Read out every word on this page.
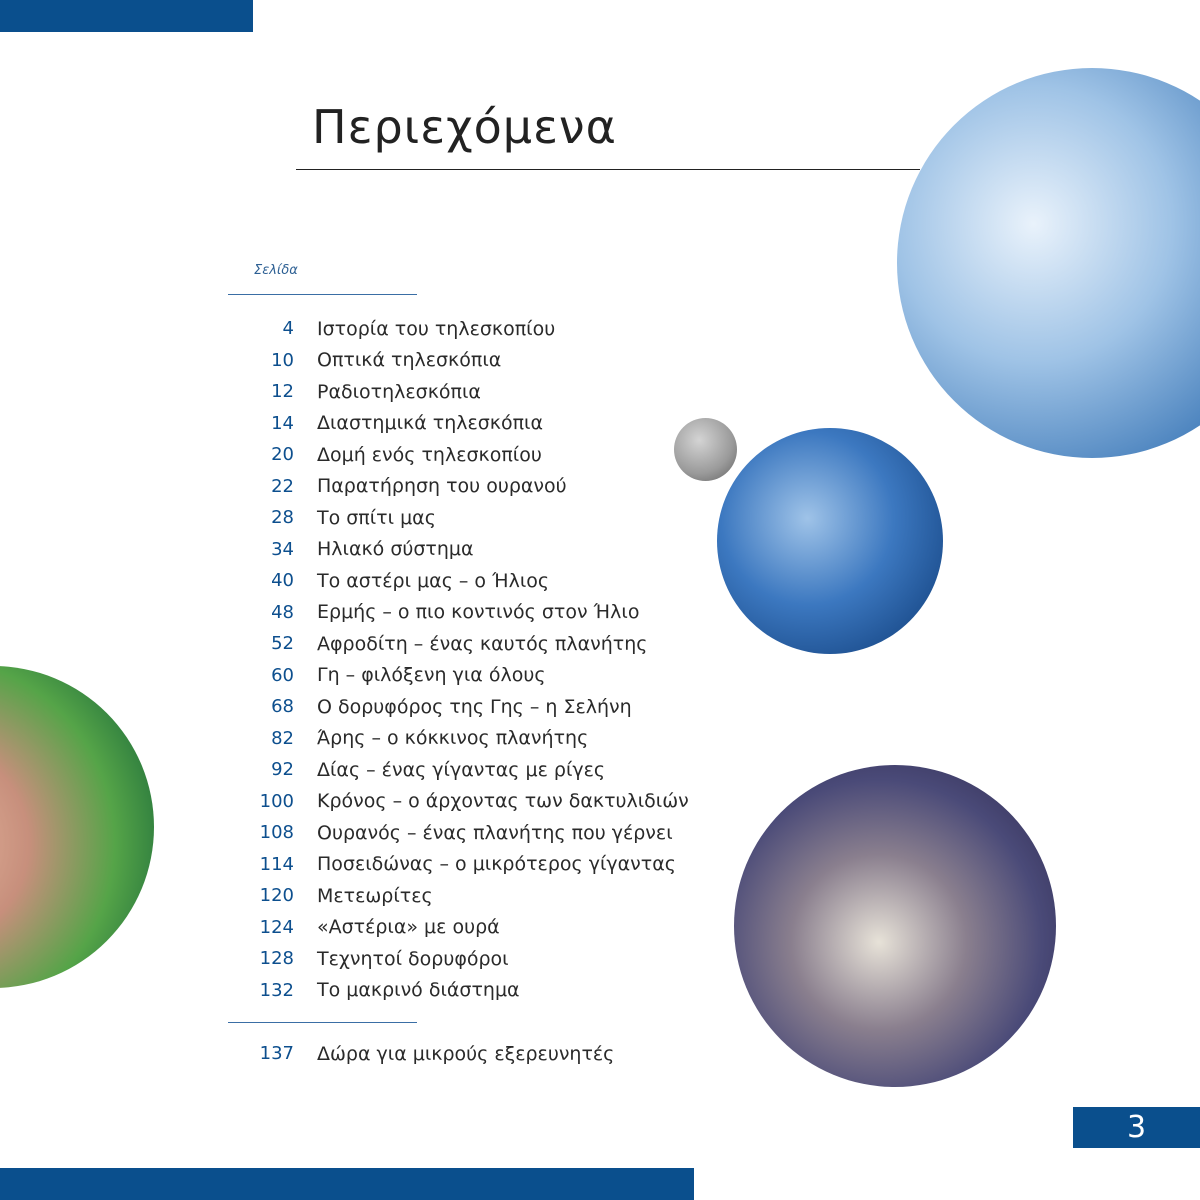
Περιεχόμενα
Σελίδα
4	Ιστορία του τηλεσκοπίου
10	Οπτικά τηλεσκόπια
12	Ραδιοτηλεσκόπια
14	Διαστημικά τηλεσκόπια
20	Δομή ενός τηλεσκοπίου
22	Παρατήρηση του ουρανού
28	Το σπίτι μας
34	Ηλιακό σύστημα
40	Το αστέρι μας – ο Ήλιος
48	Ερμής – ο πιο κοντινός στον Ήλιο
52	Αφροδίτη – ένας καυτός πλανήτης
60	Γη – φιλόξενη για όλους
68	Ο δορυφόρος της Γης – η Σελήνη
82	Άρης – ο κόκκινος πλανήτης
92	Δίας – ένας γίγαντας με ρίγες
100	Κρόνος – ο άρχοντας των δακτυλιδιών
108	Ουρανός – ένας πλανήτης που γέρνει
114	Ποσειδώνας – ο μικρότερος γίγαντας
120	Μετεωρίτες
124	«Αστέρια» με ουρά
128	Τεχνητοί δορυφόροι
132	Το μακρινό διάστημα
137	Δώρα για μικρούς εξερευνητές
3
